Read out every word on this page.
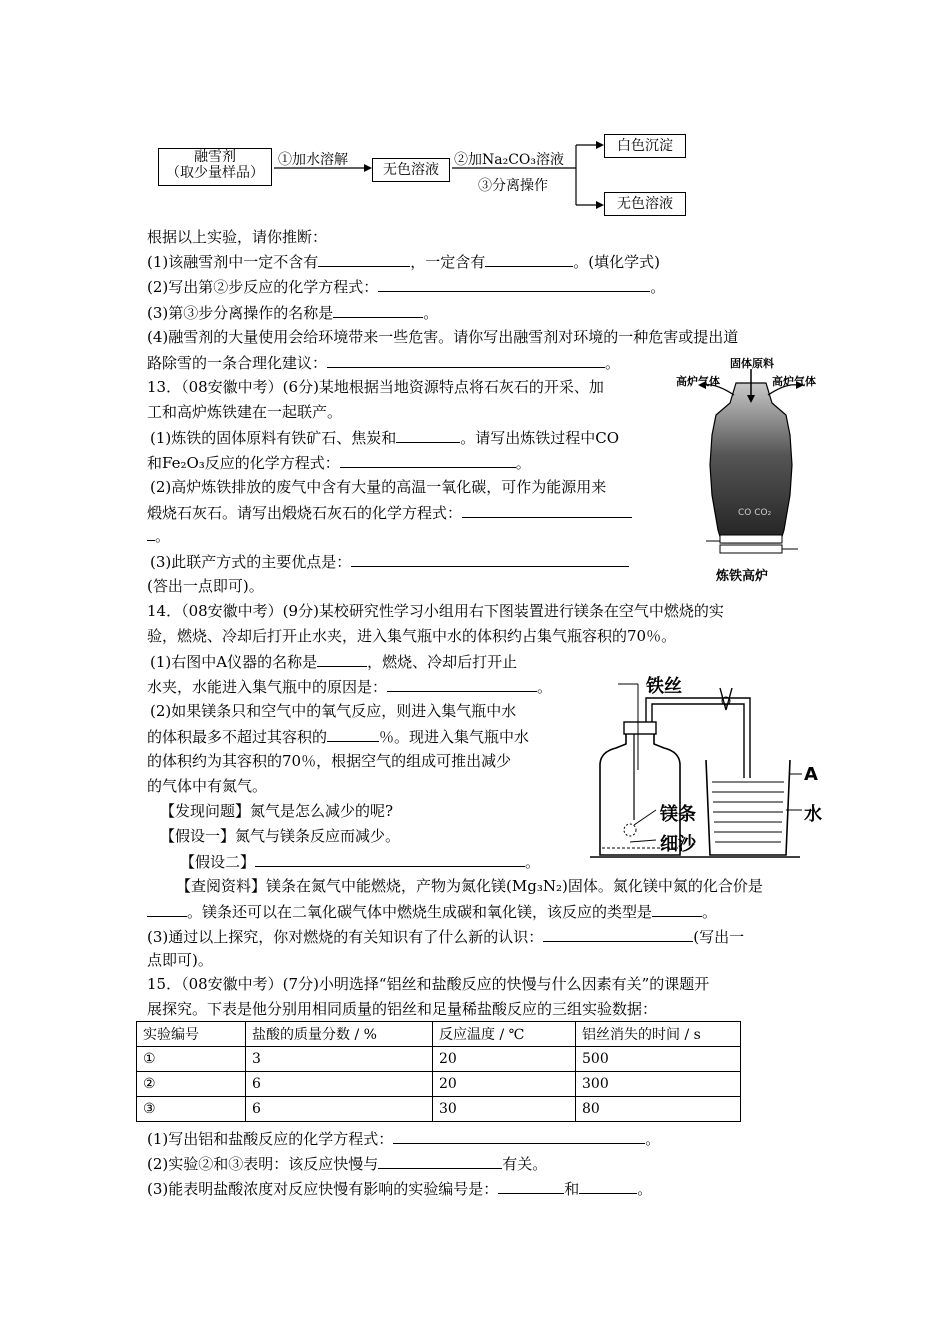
融雪剂
（取少量样品）
①加水溶解
无色溶液
②加Na₂CO₃溶液
③分离操作
白色沉淀
无色溶液
根据以上实验，请你推断：
(1)该融雪剂中一定不含有	，一定含有	。(填化学式)
(2)写出第②步反应的化学方程式：	。
(3)第③步分离操作的名称是	。
(4)融雪剂的大量使用会给环境带来一些危害。请你写出融雪剂对环境的一种危害或提出道
路除雪的一条合理化建议：	。
13．（08安徽中考）(6分)某地根据当地资源特点将石灰石的开采、加
工和高炉炼铁建在一起联产。
(1)炼铁的固体原料有铁矿石、焦炭和	。请写出炼铁过程中CO
和Fe₂O₃反应的化学方程式：	。
(2)高炉炼铁排放的废气中含有大量的高温一氧化碳，可作为能源用来
煅烧石灰石。请写出煅烧石灰石的化学方程式：
。
(3)此联产方式的主要优点是：
(答出一点即可)。
CO CO₂
固体原料
高炉气体	高炉气体
炼铁高炉
14．（08安徽中考）(9分)某校研究性学习小组用右下图装置进行镁条在空气中燃烧的实
验，燃烧、冷却后打开止水夹，进入集气瓶中水的体积约占集气瓶容积的70％。
(1)右图中A仪器的名称是	，燃烧、冷却后打开止
水夹，水能进入集气瓶中的原因是：	。
(2)如果镁条只和空气中的氧气反应，则进入集气瓶中水
的体积最多不超过其容积的	％。现进入集气瓶中水
的体积约为其容积的70％，根据空气的组成可推出减少
的气体中有氮气。
【发现问题】氮气是怎么减少的呢?
【假设一】氮气与镁条反应而减少。
【假设二】	。
【查阅资料】镁条在氮气中能燃烧，产物为氮化镁(Mg₃N₂)固体。氮化镁中氮的化合价是
。镁条还可以在二氧化碳气体中燃烧生成碳和氧化镁，该反应的类型是	。
(3)通过以上探究，你对燃烧的有关知识有了什么新的认识：	(写出一
点即可)。
铁丝
A
镁条	水
细沙
15．（08安徽中考）(7分)小明选择“铝丝和盐酸反应的快慢与什么因素有关”的课题开
展探究。下表是他分别用相同质量的铝丝和足量稀盐酸反应的三组实验数据：
实验编号	盐酸的质量分数 / %	反应温度 / ℃	铝丝消失的时间 / s
①	3	20	500
②	6	20	300
③	6	30	80
(1)写出铝和盐酸反应的化学方程式：	。
(2)实验②和③表明：该反应快慢与	有关。
(3)能表明盐酸浓度对反应快慢有影响的实验编号是：	和	。
